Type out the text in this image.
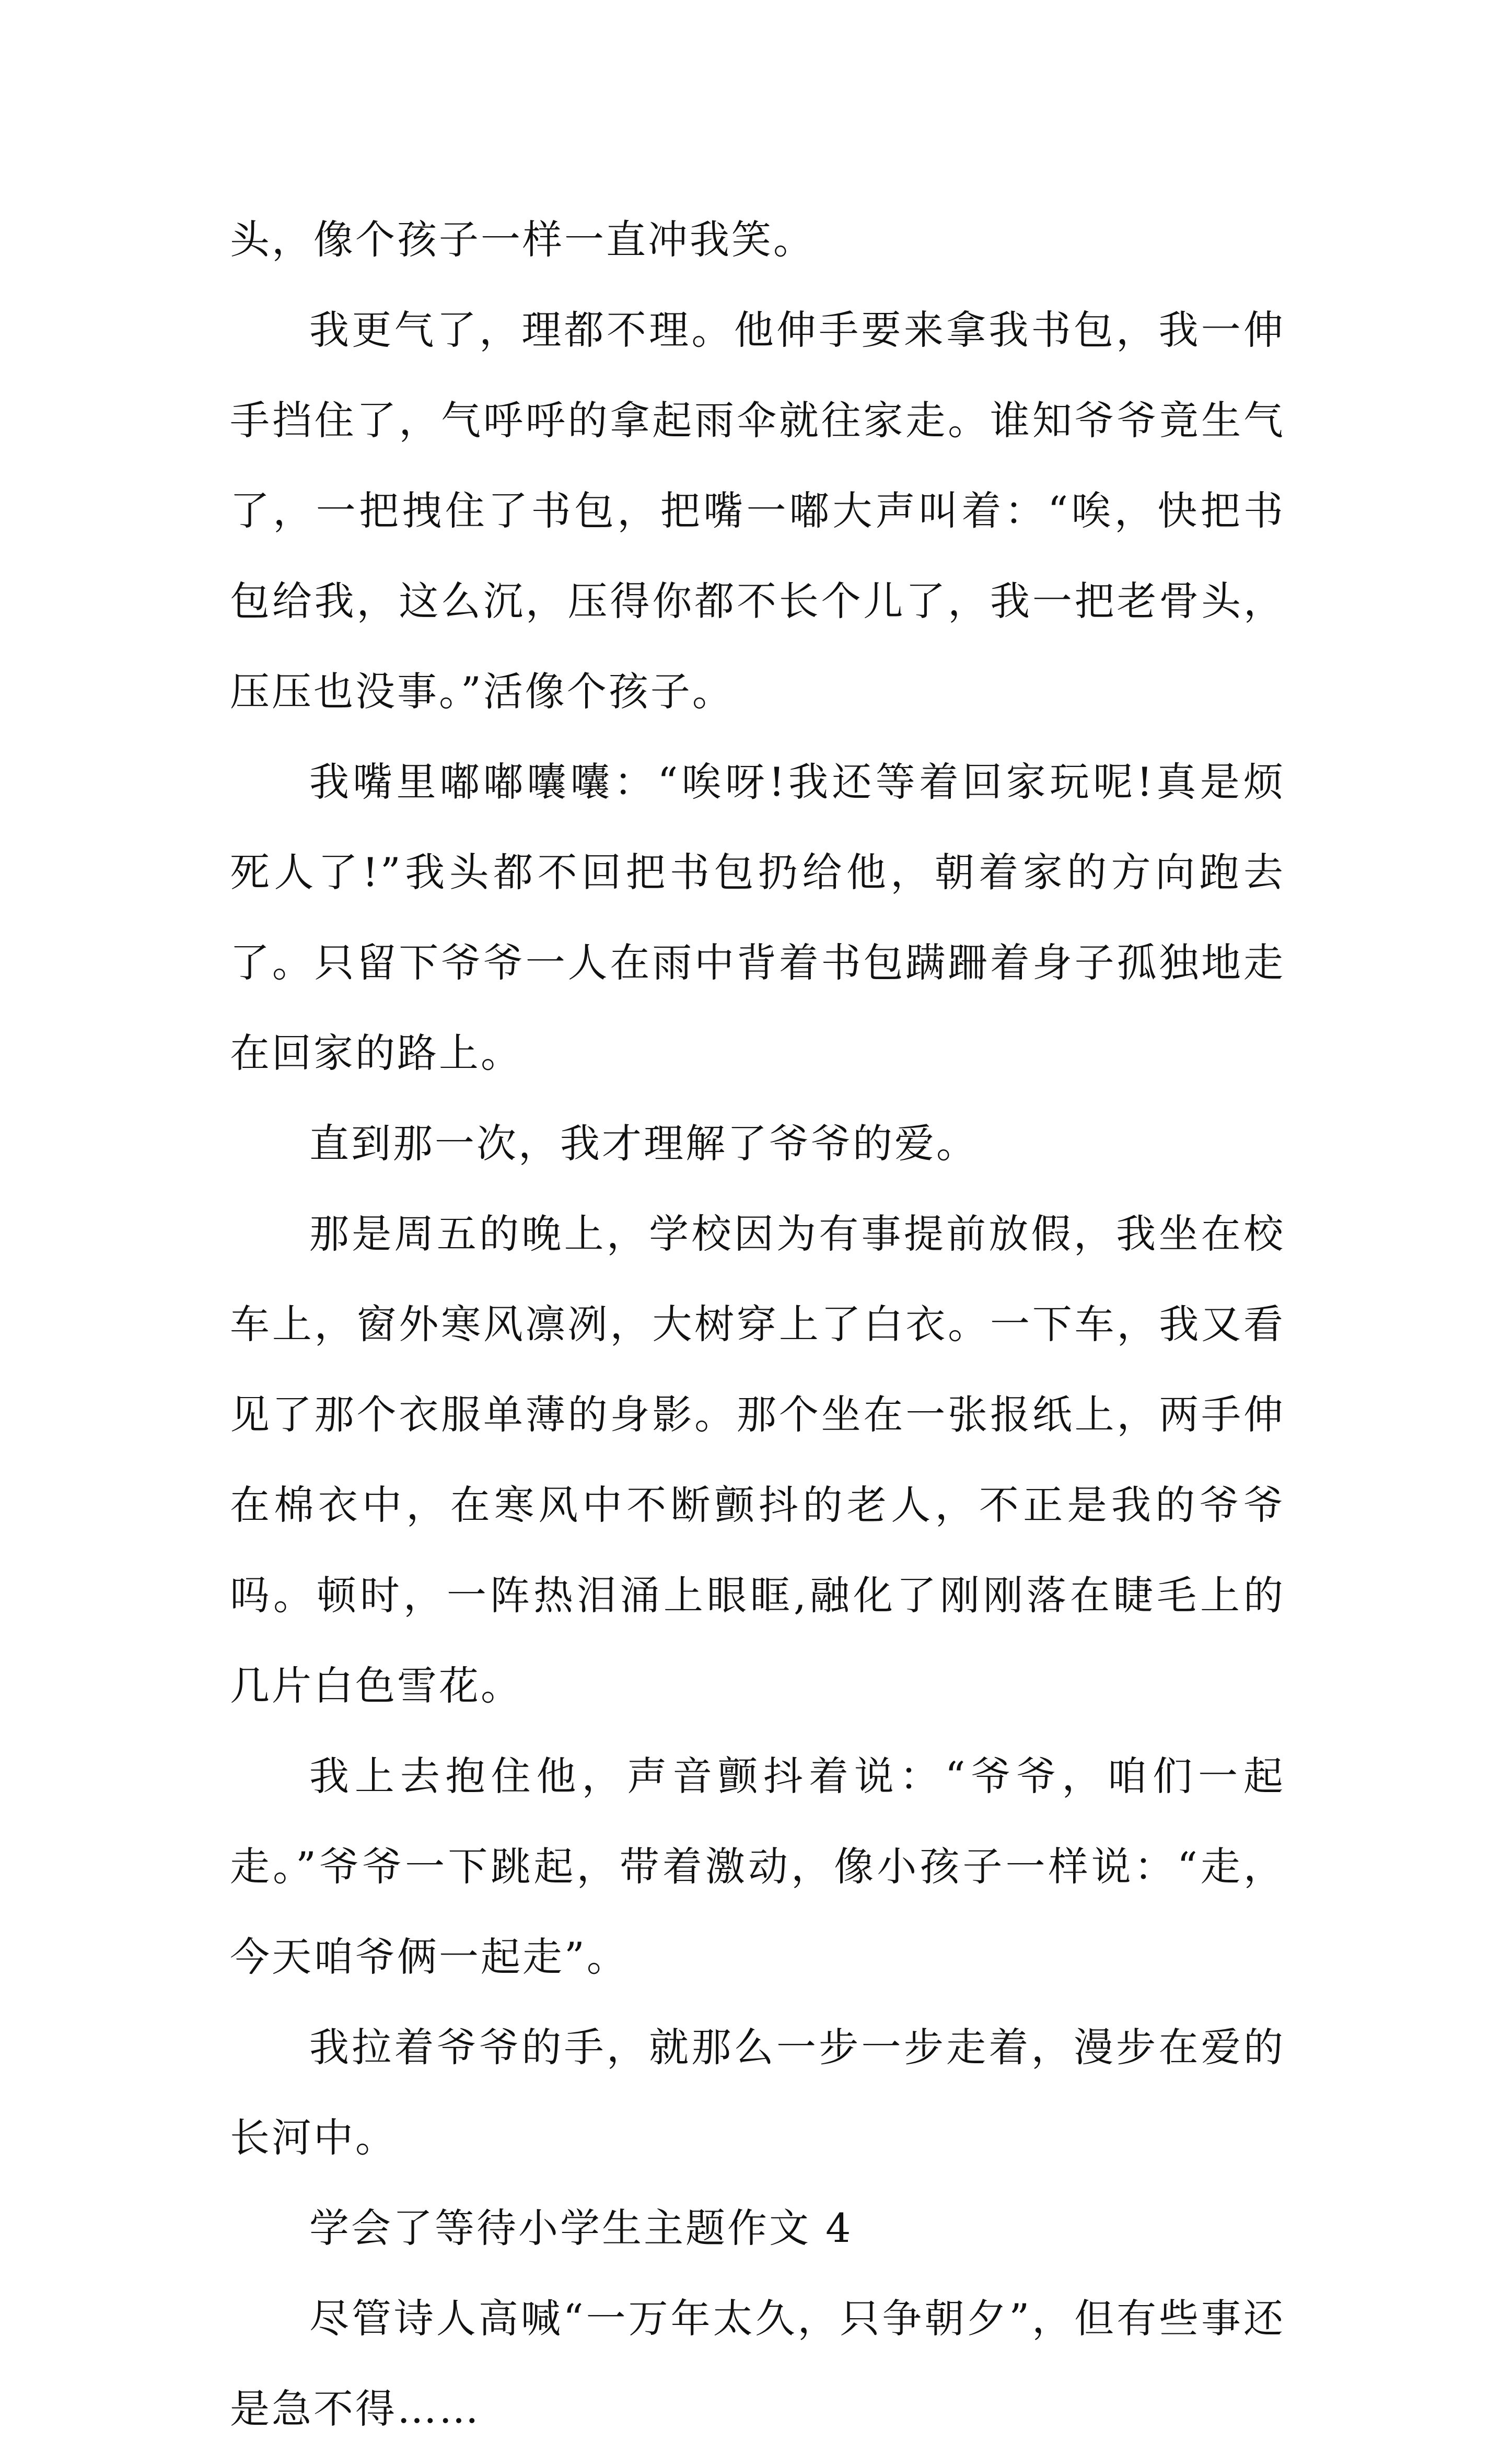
头，像个孩子一样一直冲我笑。

我更气了，理都不理。他伸手要来拿我书包，我一伸手挡住了，气呼呼的拿起雨伞就往家走。谁知爷爷竟生气了，一把拽住了书包，把嘴一嘟大声叫着：“唉，快把书包给我，这么沉，压得你都不长个儿了，我一把老骨头，压压也没事。”活像个孩子。

我嘴里嘟嘟囔囔：“唉呀!我还等着回家玩呢!真是烦死人了!”我头都不回把书包扔给他，朝着家的方向跑去了。只留下爷爷一人在雨中背着书包蹒跚着身子孤独地走在回家的路上。

直到那一次，我才理解了爷爷的爱。

那是周五的晚上，学校因为有事提前放假，我坐在校车上，窗外寒风凛冽，大树穿上了白衣。一下车，我又看见了那个衣服单薄的身影。那个坐在一张报纸上，两手伸在棉衣中，在寒风中不断颤抖的老人，不正是我的爷爷吗。顿时，一阵热泪涌上眼眶,融化了刚刚落在睫毛上的几片白色雪花。

我上去抱住他，声音颤抖着说：“爷爷，咱们一起走。”爷爷一下跳起，带着激动，像小孩子一样说：“走，今天咱爷俩一起走”。

我拉着爷爷的手，就那么一步一步走着，漫步在爱的长河中。

学会了等待小学生主题作文 4

尽管诗人高喊“一万年太久，只争朝夕”，但有些事还是急不得……
